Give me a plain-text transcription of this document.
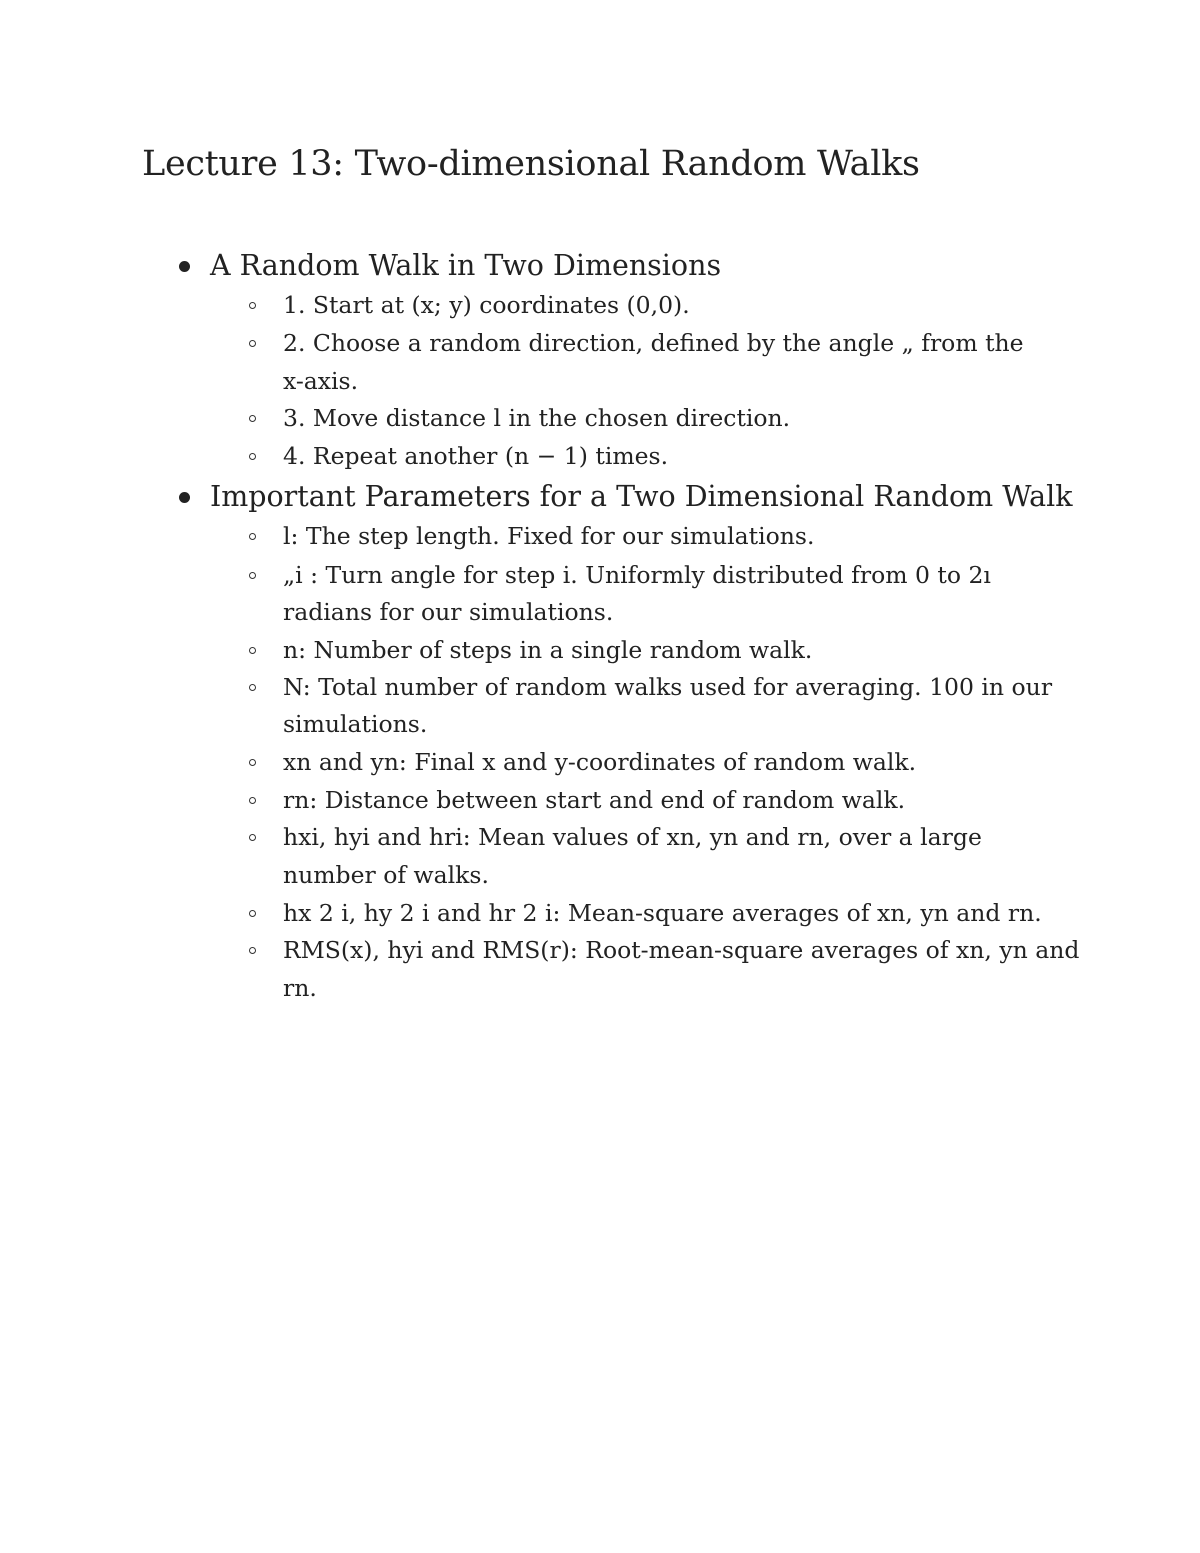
Lecture 13: Two-dimensional Random Walks
A Random Walk in Two Dimensions
1. Start at (x; y) coordinates (0,0).
2. Choose a random direction, defined by the angle „ from the
x-axis.
3. Move distance l in the chosen direction.
4. Repeat another (n − 1) times.
Important Parameters for a Two Dimensional Random Walk
l: The step length. Fixed for our simulations.
„i : Turn angle for step i. Uniformly distributed from 0 to 2ı
radians for our simulations.
n: Number of steps in a single random walk.
N: Total number of random walks used for averaging. 100 in our
simulations.
xn and yn: Final x and y-coordinates of random walk.
rn: Distance between start and end of random walk.
hxi, hyi and hri: Mean values of xn, yn and rn, over a large
number of walks.
hx 2 i, hy 2 i and hr 2 i: Mean-square averages of xn, yn and rn.
RMS(x), hyi and RMS(r): Root-mean-square averages of xn, yn and
rn.
